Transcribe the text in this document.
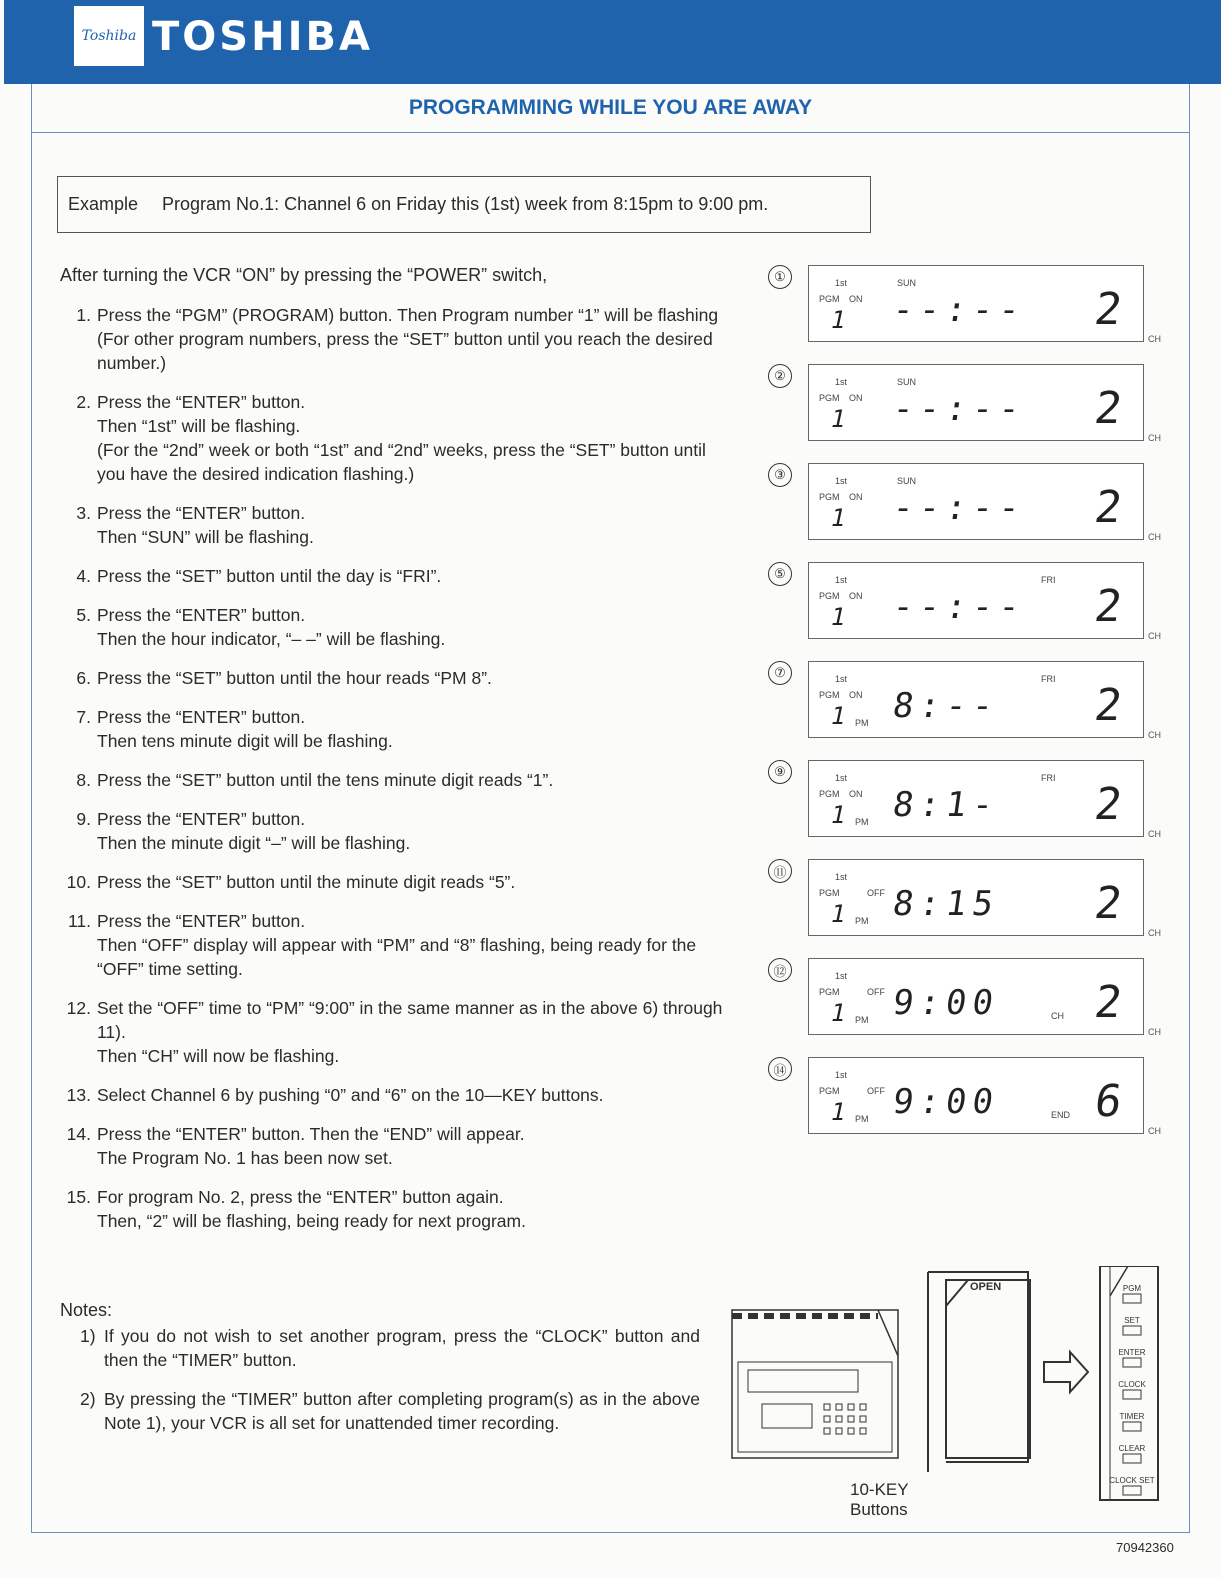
Toshiba TOSHIBA
PROGRAMMING WHILE YOU ARE AWAY
Example Program No.1: Channel 6 on Friday this (1st) week from 8:15pm to 9:00 pm.
After turning the VCR “ON” by pressing the “POWER” switch,
1. Press the “PGM” (PROGRAM) button. Then Program number “1” will be flashing (For other program numbers, press the “SET” button until you reach the desired number.)
2. Press the “ENTER” button.
Then “1st” will be flashing.
(For the “2nd” week or both “1st” and “2nd” weeks, press the “SET” button until you have the desired indication flashing.)
3. Press the “ENTER” button.
Then “SUN” will be flashing.
4. Press the “SET” button until the day is “FRI”.
5. Press the “ENTER” button.
Then the hour indicator, “– –” will be flashing.
6. Press the “SET” button until the hour reads “PM 8”.
7. Press the “ENTER” button.
Then tens minute digit will be flashing.
8. Press the “SET” button until the tens minute digit reads “1”.
9. Press the “ENTER” button.
Then the minute digit “–” will be flashing.
10. Press the “SET” button until the minute digit reads “5”.
11. Press the “ENTER” button.
Then “OFF” display will appear with “PM” and “8” flashing, being ready for the “OFF” time setting.
12. Set the “OFF” time to “PM” “9:00” in the same manner as in the above 6) through 11).
Then “CH” will now be flashing.
13. Select Channel 6 by pushing “0” and “6” on the 10—KEY buttons.
14. Press the “ENTER” button. Then the “END” will appear.
The Program No. 1 has been now set.
15. For program No. 2, press the “ENTER” button again.
Then, “2” will be flashing, being ready for next program.
Notes:
1) If you do not wish to set another program, press the “CLOCK” button and then the “TIMER” button.
2) By pressing the “TIMER” button after completing program(s) as in the above Note 1), your VCR is all set for unattended timer recording.
①	1st
PGM ON
SUN
1 --:-- 2
CH
②	1st
PGM ON
SUN
1 --:-- 2
CH
③	1st
PGM ON
SUN
1 --:-- 2
CH
⑤	1st
PGM ON
FRI
1 --:-- 2
CH
⑦	1st
PGM ON
FRI
1 PM 8:-- 2
CH
⑨	1st
PGM ON
FRI
1 PM 8:1- 2
CH
⑪	1st
PGM	OFF
1 PM 8:15 2
CH
⑫	1st
PGM	OFF
1 PM 9:00	CH 2
CH
⑭	1st
PGM	OFF
1 PM 9:00	END 6
CH
OPEN	PGM
SET
ENTER
CLOCK
TIMER
CLEAR
CLOCK SET
10-KEY
Buttons
70942360
